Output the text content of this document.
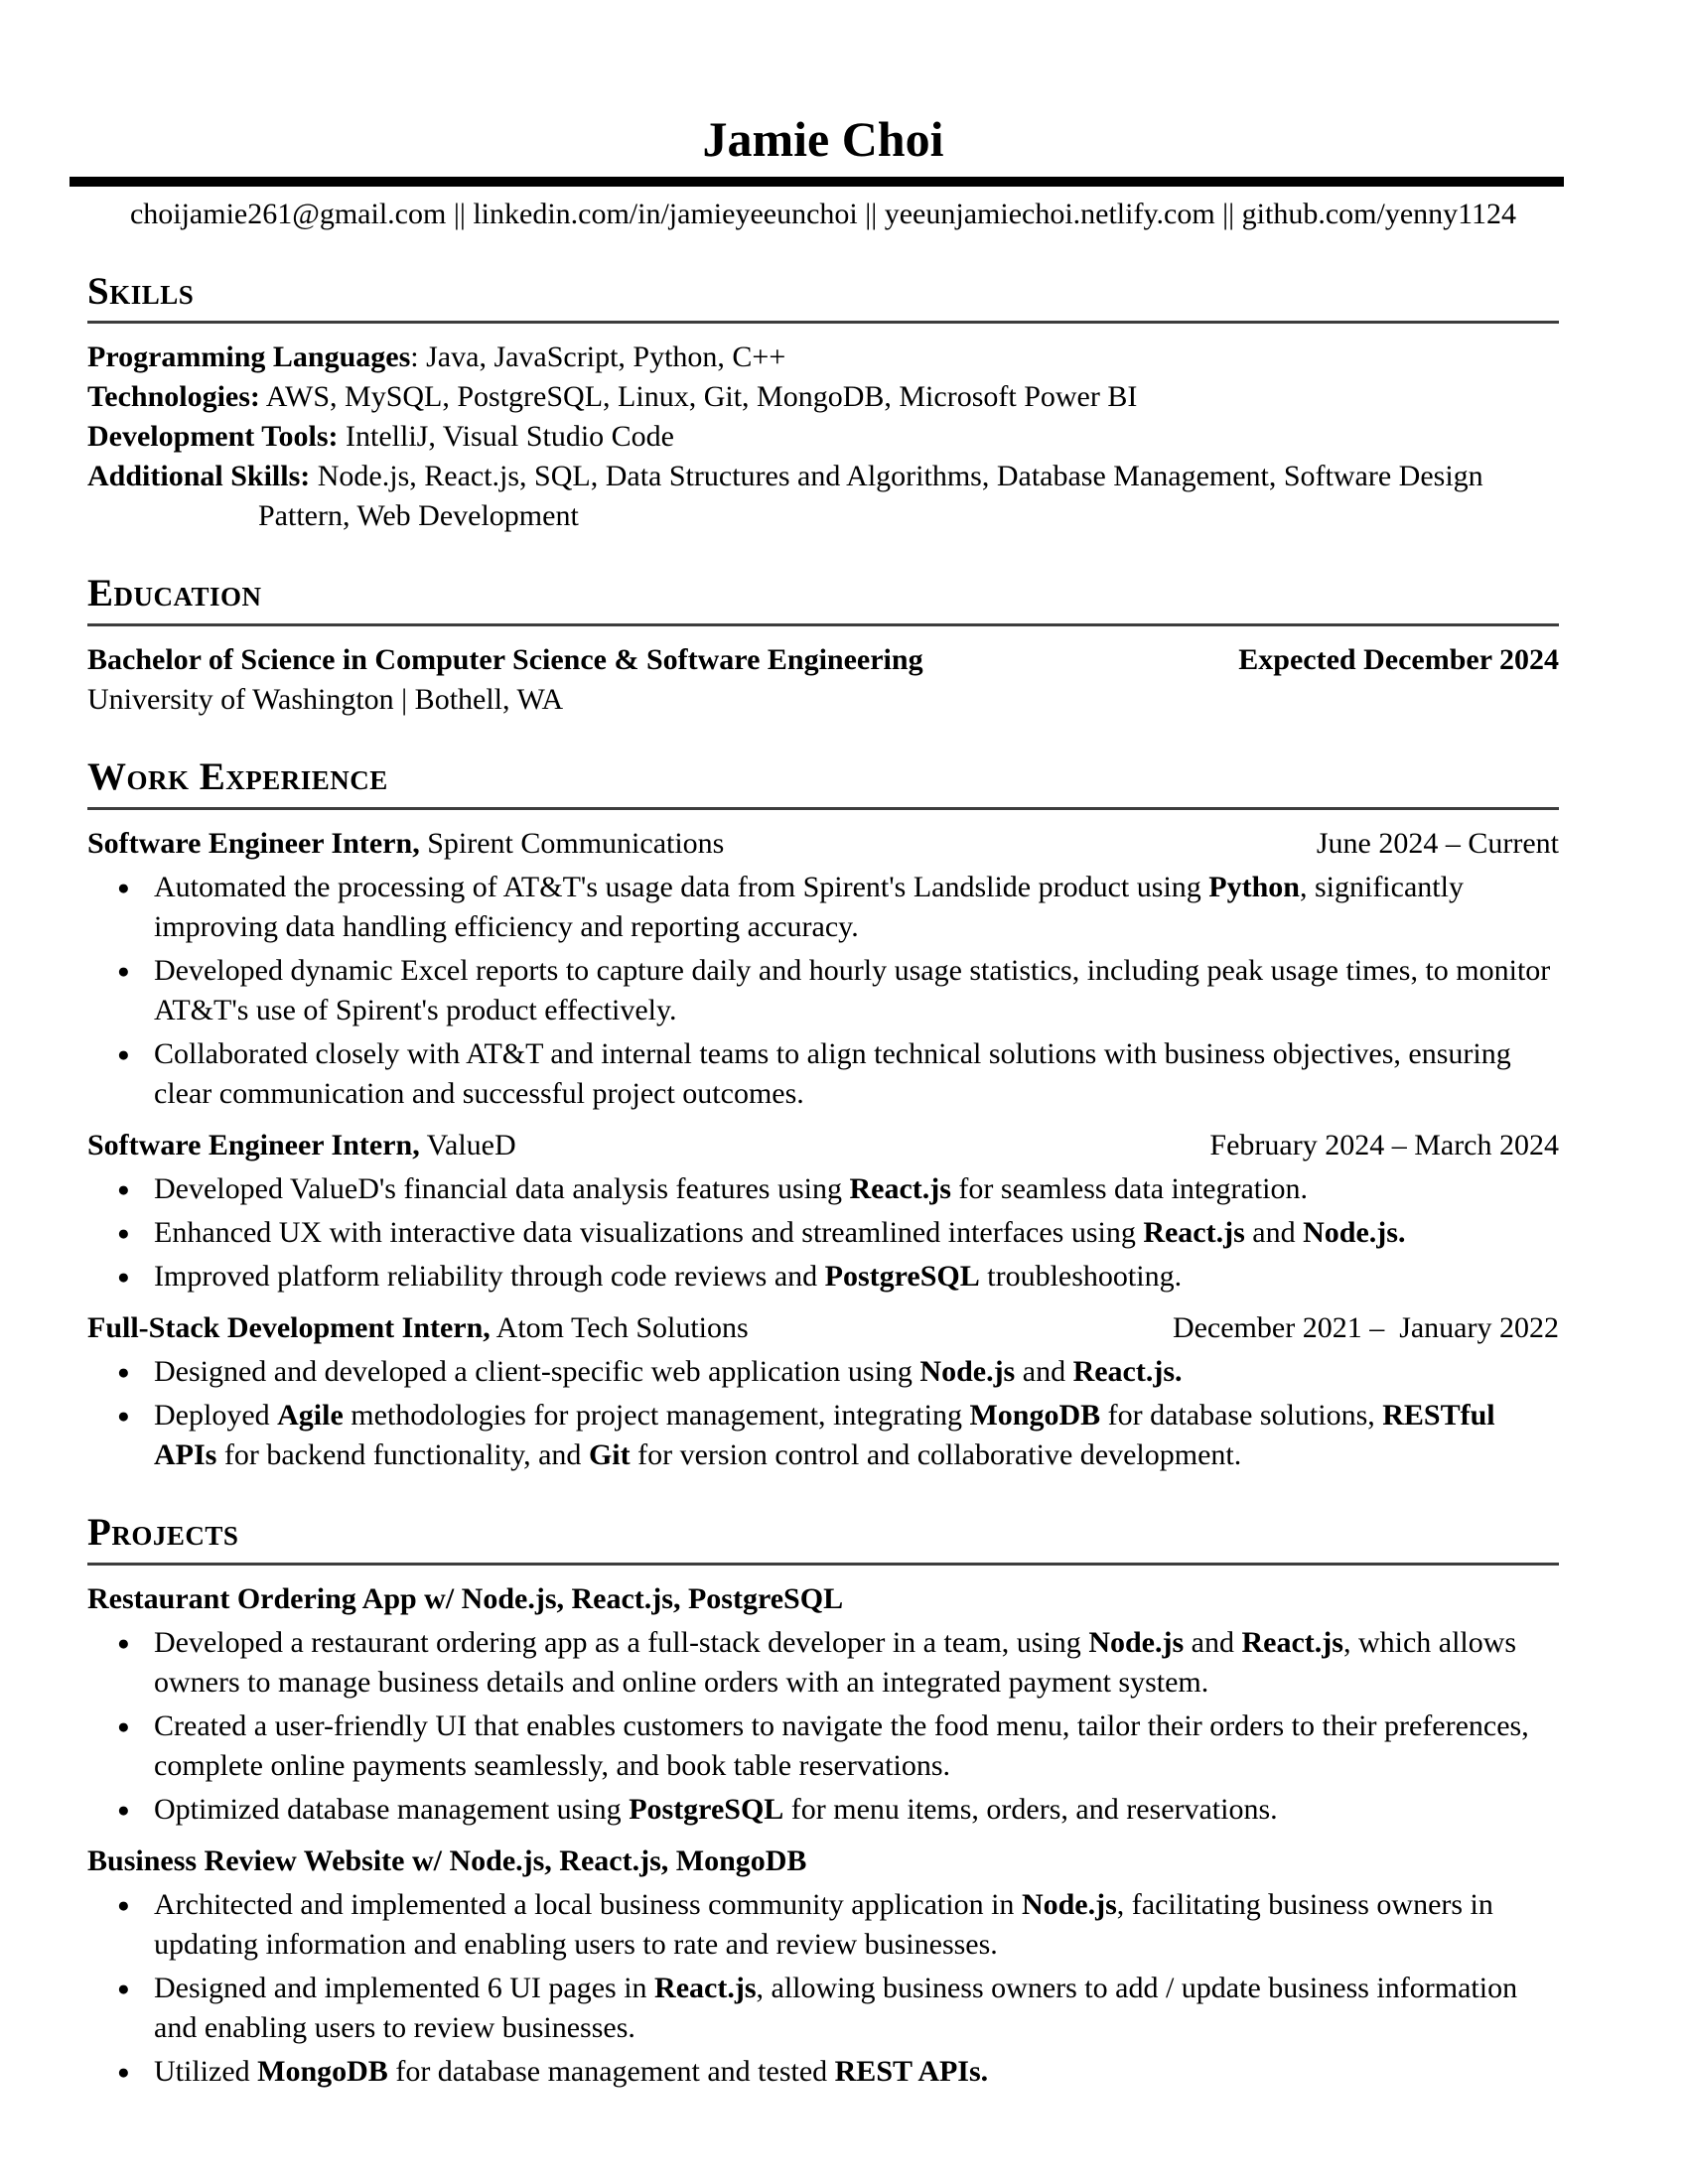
Jamie Choi
choijamie261@gmail.com || linkedin.com/in/jamieyeeunchoi || yeeunjamiechoi.netlify.com || github.com/yenny1124
Skills
Programming Languages: Java, JavaScript, Python, C++
Technologies: AWS, MySQL, PostgreSQL, Linux, Git, MongoDB, Microsoft Power BI
Development Tools: IntelliJ, Visual Studio Code
Additional Skills: Node.js, React.js, SQL, Data Structures and Algorithms, Database Management, Software Design Pattern, Web Development
Education
Bachelor of Science in Computer Science & Software Engineering	Expected December 2024
University of Washington | Bothell, WA
Work Experience
Software Engineer Intern, Spirent Communications	June 2024 – Current
● Automated the processing of AT&T's usage data from Spirent's Landslide product using Python, significantly improving data handling efficiency and reporting accuracy.
● Developed dynamic Excel reports to capture daily and hourly usage statistics, including peak usage times, to monitor AT&T's use of Spirent's product effectively.
● Collaborated closely with AT&T and internal teams to align technical solutions with business objectives, ensuring clear communication and successful project outcomes.
Software Engineer Intern, ValueD	February 2024 – March 2024
● Developed ValueD's financial data analysis features using React.js for seamless data integration.
● Enhanced UX with interactive data visualizations and streamlined interfaces using React.js and Node.js.
● Improved platform reliability through code reviews and PostgreSQL troubleshooting.
Full-Stack Development Intern, Atom Tech Solutions	December 2021 –  January 2022
● Designed and developed a client-specific web application using Node.js and React.js.
● Deployed Agile methodologies for project management, integrating MongoDB for database solutions, RESTful APIs for backend functionality, and Git for version control and collaborative development.
Projects
Restaurant Ordering App w/ Node.js, React.js, PostgreSQL
● Developed a restaurant ordering app as a full-stack developer in a team, using Node.js and React.js, which allows owners to manage business details and online orders with an integrated payment system.
● Created a user-friendly UI that enables customers to navigate the food menu, tailor their orders to their preferences, complete online payments seamlessly, and book table reservations.
● Optimized database management using PostgreSQL for menu items, orders, and reservations.
Business Review Website w/ Node.js, React.js, MongoDB
● Architected and implemented a local business community application in Node.js, facilitating business owners in updating information and enabling users to rate and review businesses.
● Designed and implemented 6 UI pages in React.js, allowing business owners to add / update business information and enabling users to review businesses.
● Utilized MongoDB for database management and tested REST APIs.
